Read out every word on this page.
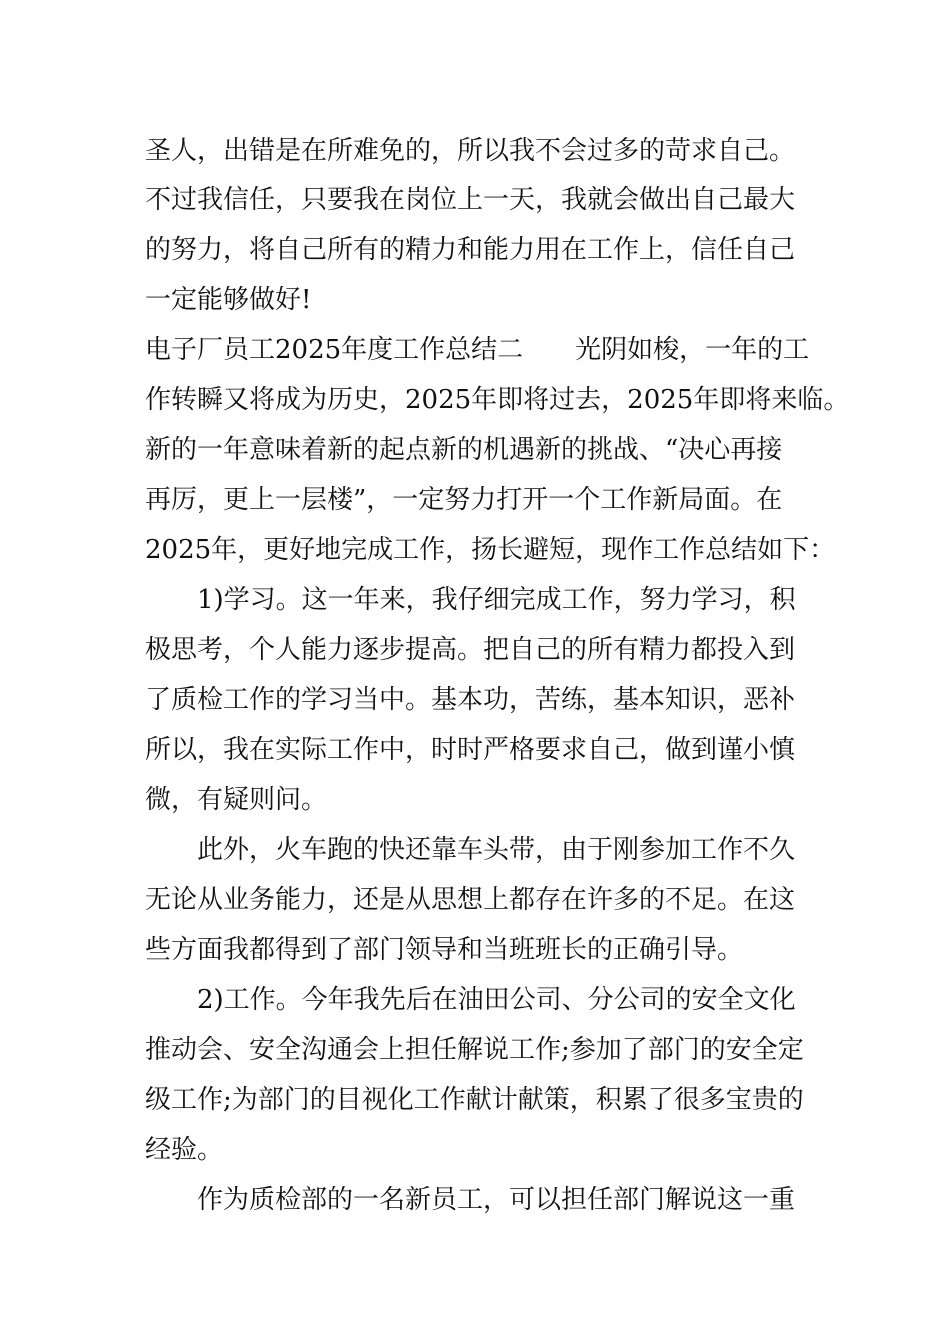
圣人，出错是在所难免的，所以我不会过多的苛求自己。
不过我信任，只要我在岗位上一天，我就会做出自己最大
的努力，将自己所有的精力和能力用在工作上，信任自己
一定能够做好!
电子厂员工2025年度工作总结二　　光阴如梭，一年的工
作转瞬又将成为历史，2025年即将过去，2025年即将来临。
新的一年意味着新的起点新的机遇新的挑战、“决心再接
再厉，更上一层楼”，一定努力打开一个工作新局面。在
2025年，更好地完成工作，扬长避短，现作工作总结如下：
1)学习。这一年来，我仔细完成工作，努力学习，积
极思考，个人能力逐步提高。把自己的所有精力都投入到
了质检工作的学习当中。基本功，苦练，基本知识，恶补
所以，我在实际工作中，时时严格要求自己，做到谨小慎
微，有疑则问。
此外，火车跑的快还靠车头带，由于刚参加工作不久
无论从业务能力，还是从思想上都存在许多的不足。在这
些方面我都得到了部门领导和当班班长的正确引导。
2)工作。今年我先后在油田公司、分公司的安全文化
推动会、安全沟通会上担任解说工作;参加了部门的安全定
级工作;为部门的目视化工作献计献策，积累了很多宝贵的
经验。
作为质检部的一名新员工，可以担任部门解说这一重
